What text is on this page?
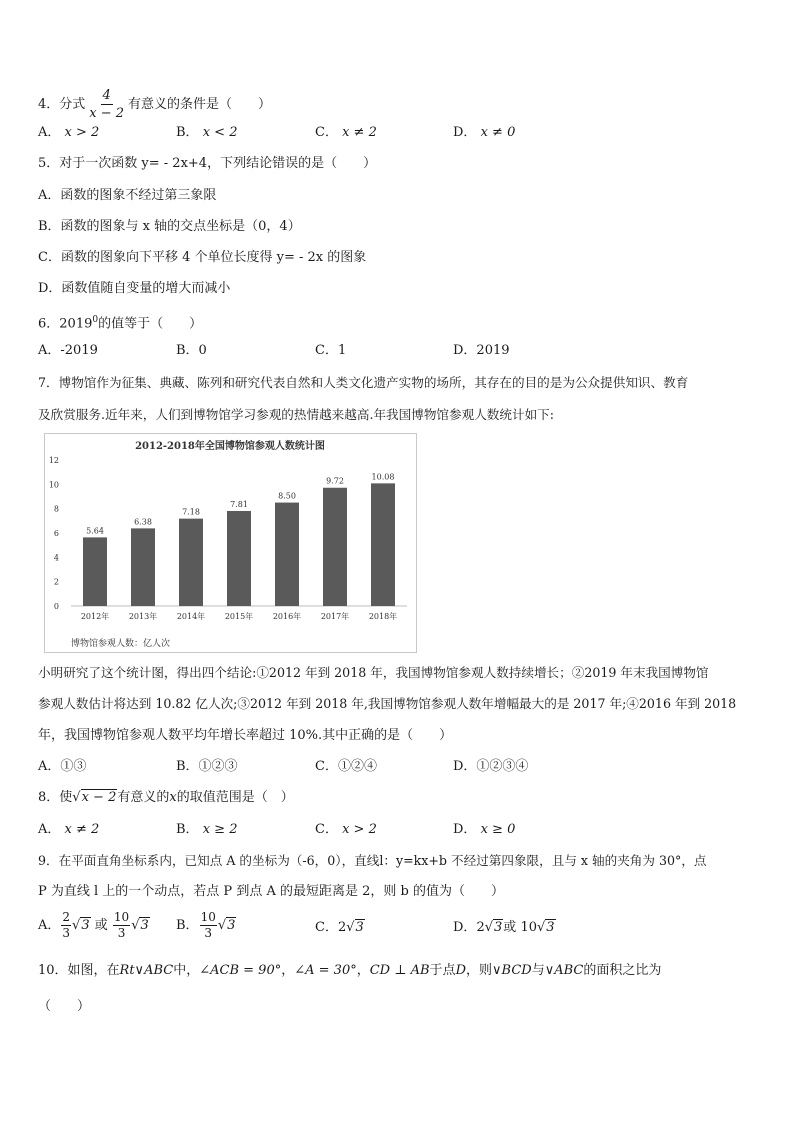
4．分式 $\frac{4}{x - 2}$ 有意义的条件是（　　）
A． x > 2	B． x < 2	C． x ≠ 2	D． x ≠ 0
5．对于一次函数 y= - 2x+4，下列结论错误的是（　　）
A．函数的图象不经过第三象限
B．函数的图象与 x 轴的交点坐标是（0，4）
C．函数的图象向下平移 4 个单位长度得 y= - 2x 的图象
D．函数值随自变量的增大而减小
6．2019$^0$的值等于（　　）
A．-2019	B．0	C．1	D．2019
7．博物馆作为征集、典藏、陈列和研究代表自然和人类文化遗产实物的场所，其存在的目的是为公众提供知识、教育
及欣赏服务.近年来，人们到博物馆学习参观的热情越来越高.年我国博物馆参观人数统计如下:
2012-2018年全国博物馆参观人数统计图
0
2
4
6
8
10
12
5.64
2012年
6.38
2013年
7.18
2014年
7.81
2015年
8.50
2016年
9.72
2017年
10.08
2018年
博物馆参观人数：亿人次
小明研究了这个统计图，得出四个结论:①2012 年到 2018 年，我国博物馆参观人数持续增长；②2019 年末我国博物馆
参观人数估计将达到 10.82 亿人次;③2012 年到 2018 年,我国博物馆参观人数年增幅最大的是 2017 年;④2016 年到 2018
年，我国博物馆参观人数平均年增长率超过 10%.其中正确的是（　　）
A．①③	B．①②③	C．①②④	D．①②③④
8．使√x − 2有意义的x的取值范围是（　）
A． x ≠ 2	B． x ≥ 2	C． x > 2	D． x ≥ 0
9．在平面直角坐标系内，已知点 A 的坐标为（-6，0），直线l：y=kx+b 不经过第四象限，且与 x 轴的夹角为 30°，点
P 为直线 l 上的一个动点，若点 P 到点 A 的最短距离是 2，则 b 的值为（　　）
A． $\frac{2}{3} √3$ 或 $\frac{10}{3} √3$ B． $\frac{10}{3} √3$	C．2√3	D．2√3或 10√3
10．如图，在Rt∨ABC中，∠ACB = 90°，∠A = 30°，CD ⊥ AB于点D，则∨BCD与∨ABC的面积之比为
（　　）
